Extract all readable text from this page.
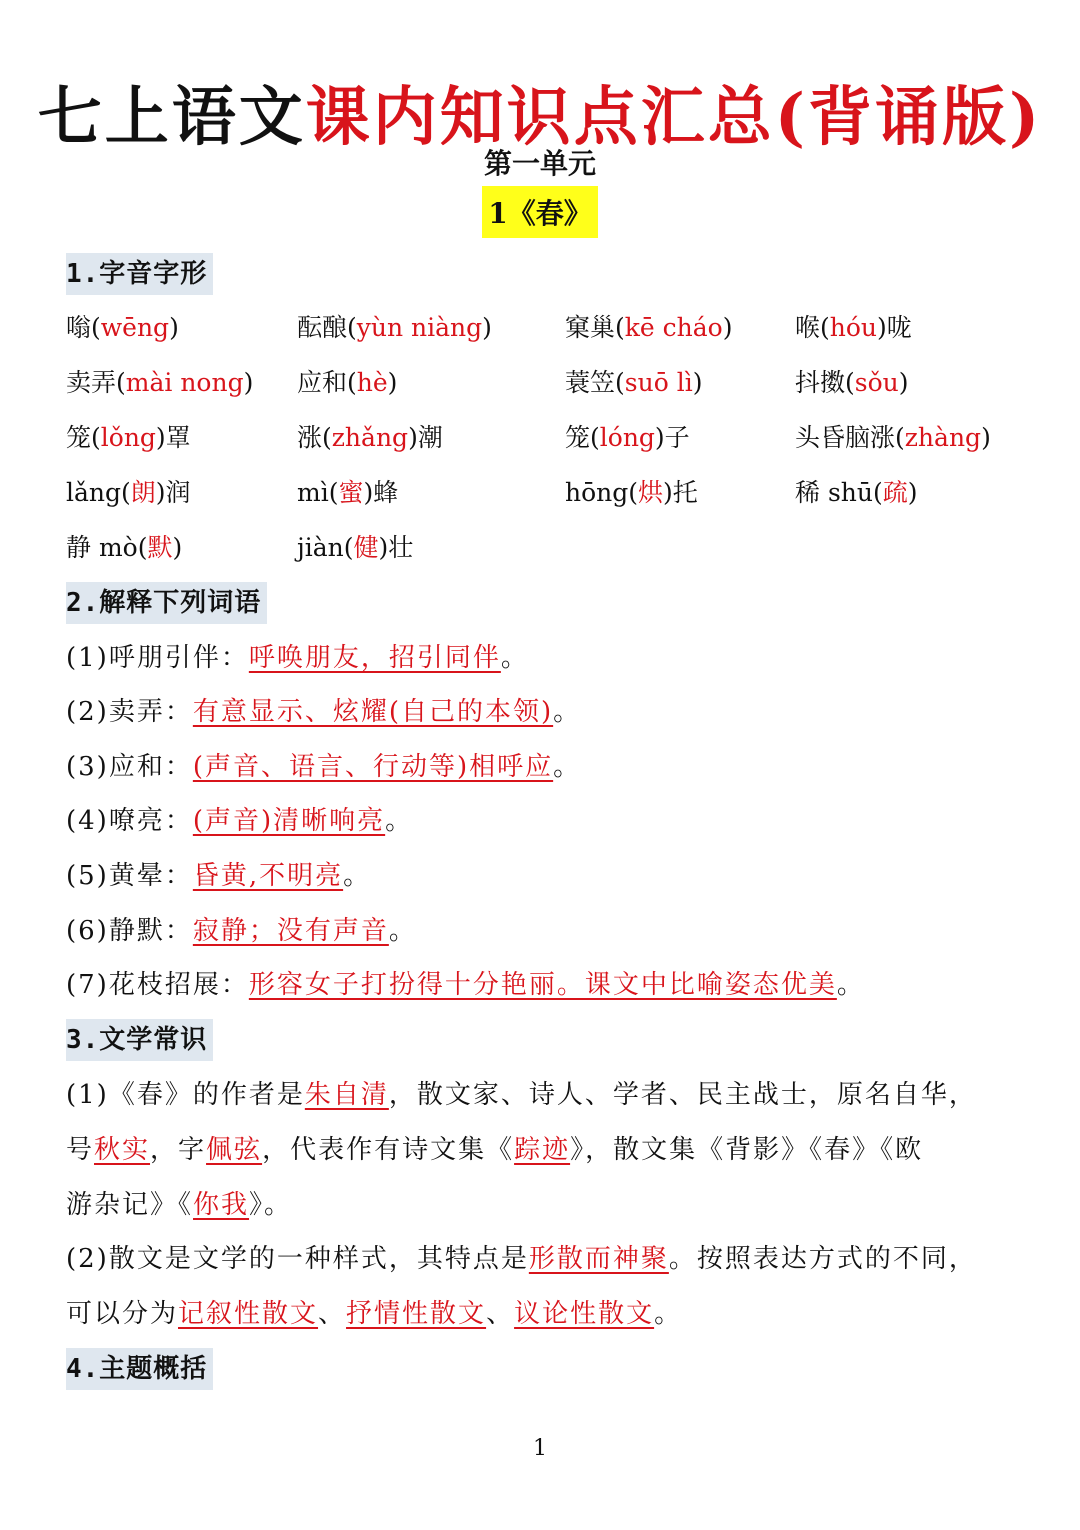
七上语文课内知识点汇总(背诵版)
第一单元
1《春》
1.字音字形
嗡(wēng)	酝酿(yùn niàng)	窠巢(kē cháo)	喉(hóu)咙
卖弄(mài nong) 应和(hè)	蓑笠(suō lì)	抖擞(sǒu)
笼(lǒng)罩	涨(zhǎng)潮	笼(lóng)子	头昏脑涨(zhàng)
lǎng(朗)润	mì(蜜)蜂	hōng(烘)托	稀 shū(疏)
静 mò(默)	jiàn(健)壮
2.解释下列词语
(1)呼朋引伴：呼唤朋友，招引同伴。
(2)卖弄：有意显示、炫耀(自己的本领)。
(3)应和：(声音、语言、行动等)相呼应。
(4)嘹亮：(声音)清晰响亮。
(5)黄晕：昏黄,不明亮。
(6)静默：寂静；没有声音。
(7)花枝招展：形容女子打扮得十分艳丽。课文中比喻姿态优美。
3.文学常识
(1)《春》的作者是朱自清，散文家、诗人、学者、民主战士，原名自华，
号秋实，字佩弦，代表作有诗文集《踪迹》，散文集《背影》《春》《欧
游杂记》《你我》。
(2)散文是文学的一种样式，其特点是形散而神聚。按照表达方式的不同，
可以分为记叙性散文、抒情性散文、议论性散文。
4.主题概括
1
